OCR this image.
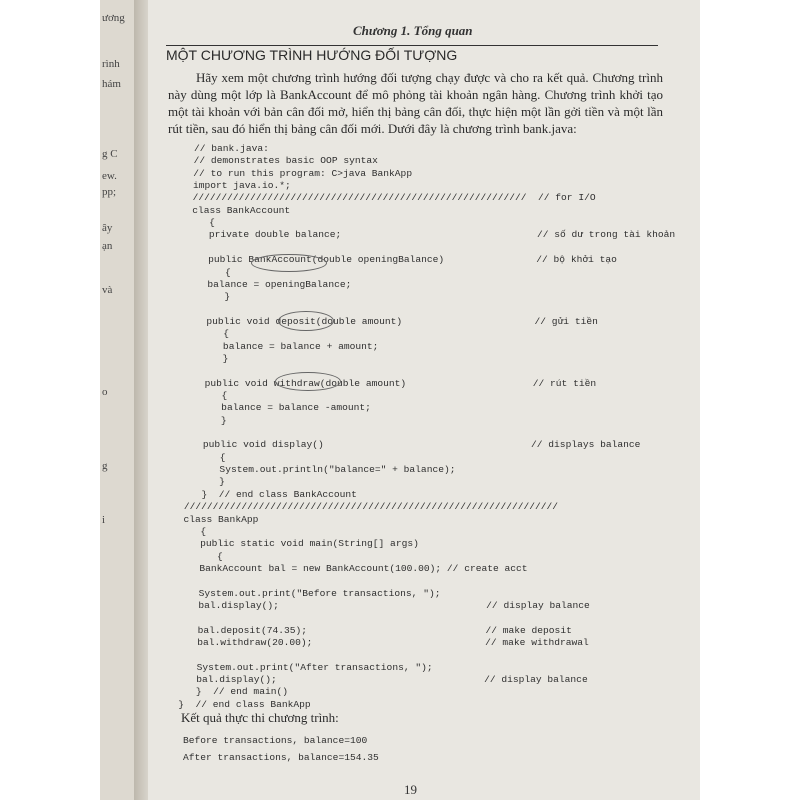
ương
rình
hám
g C
ew.
pp;
ây
ạn
và
o
g
i
Chương 1. Tổng quan
MỘT CHƯƠNG TRÌNH HƯỚNG ĐỐI TƯỢNG
Hãy xem một chương trình hướng đối tượng chạy được và cho ra kết quả. Chương trình này dùng một lớp là BankAccount để mô phỏng tài khoản ngân hàng. Chương trình khởi tạo một tài khoản với bản cân đối mở, hiển thị bảng cân đối, thực hiện một lần gởi tiền và một lần rút tiền, sau đó hiển thị bảng cân đối mới. Dưới đây là chương trình bank.java:
// bank.java:
// demonstrates basic OOP syntax
// to run this program: C>java BankApp
import java.io.*;
//////////////////////////////////////////////////////////  // for I/O
class BankAccount
{
private double balance;                                  // số dư trong tài khoản
public BankAccount(double openingBalance)                // bộ khởi tạo
{
balance = openingBalance;
}
public void deposit(double amount)                       // gửi tiền
{
balance = balance + amount;
}
public void withdraw(double amount)                      // rút tiền
{
balance = balance -amount;
}
public void display()                                    // displays balance
{
System.out.println("balance=" + balance);
}
}  // end class BankAccount
/////////////////////////////////////////////////////////////////
class BankApp
{
public static void main(String[] args)
{
BankAccount bal = new BankAccount(100.00); // create acct
System.out.print("Before transactions, ");
bal.display();                                    // display balance
bal.deposit(74.35);                               // make deposit
bal.withdraw(20.00);                              // make withdrawal
System.out.print("After transactions, ");
bal.display();                                    // display balance
}  // end main()
}  // end class BankApp
Kết quả thực thi chương trình:
Before transactions, balance=100
After transactions, balance=154.35
19
